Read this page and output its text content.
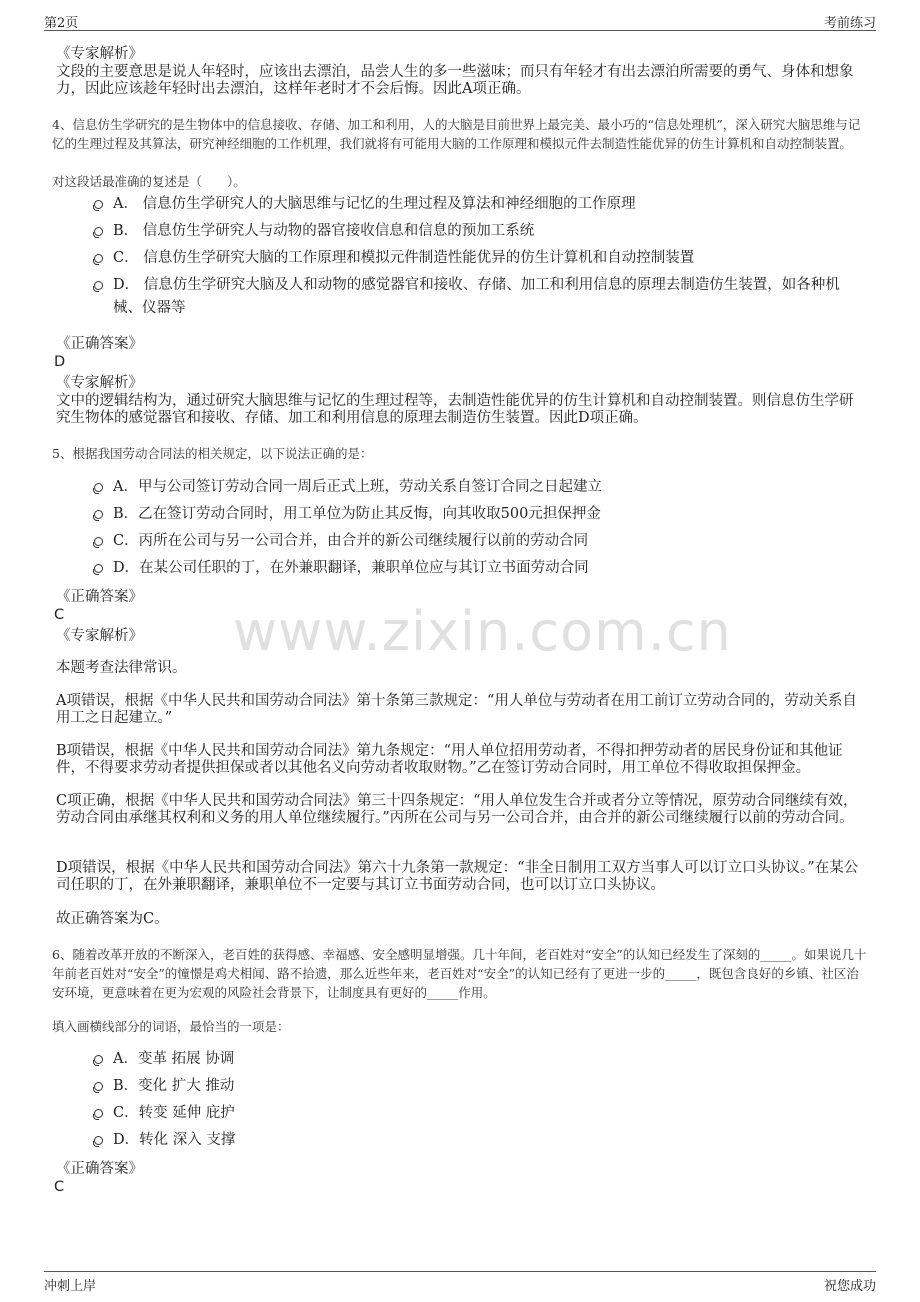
第2页	考前练习
www.zixin.com.cn
《专家解析》
文段的主要意思是说人年轻时，应该出去漂泊，品尝人生的多一些滋味；而只有年轻才有出去漂泊所需要的勇气、身体和想象力，因此应该趁年轻时出去漂泊，这样年老时才不会后悔。因此A项正确。
4、信息仿生学研究的是生物体中的信息接收、存储、加工和利用，人的大脑是目前世界上最完美、最小巧的“信息处理机”，深入研究大脑思维与记忆的生理过程及其算法，研究神经细胞的工作机理，我们就将有可能用大脑的工作原理和模拟元件去制造性能优异的仿生计算机和自动控制装置。
对这段话最准确的复述是（　　）。
A． 信息仿生学研究人的大脑思维与记忆的生理过程及算法和神经细胞的工作原理
B． 信息仿生学研究人与动物的器官接收信息和信息的预加工系统
C． 信息仿生学研究大脑的工作原理和模拟元件制造性能优异的仿生计算机和自动控制装置
D． 信息仿生学研究大脑及人和动物的感觉器官和接收、存储、加工和利用信息的原理去制造仿生装置，如各种机械、仪器等
《正确答案》
D
《专家解析》
文中的逻辑结构为，通过研究大脑思维与记忆的生理过程等，去制造性能优异的仿生计算机和自动控制装置。则信息仿生学研究生物体的感觉器官和接收、存储、加工和利用信息的原理去制造仿生装置。因此D项正确。
5、根据我国劳动合同法的相关规定，以下说法正确的是：
A．甲与公司签订劳动合同一周后正式上班，劳动关系自签订合同之日起建立
B．乙在签订劳动合同时，用工单位为防止其反悔，向其收取500元担保押金
C．丙所在公司与另一公司合并，由合并的新公司继续履行以前的劳动合同
D．在某公司任职的丁，在外兼职翻译，兼职单位应与其订立书面劳动合同
《正确答案》
C
《专家解析》
本题考查法律常识。
A项错误，根据《中华人民共和国劳动合同法》第十条第三款规定：“用人单位与劳动者在用工前订立劳动合同的，劳动关系自用工之日起建立。”
B项错误，根据《中华人民共和国劳动合同法》第九条规定：“用人单位招用劳动者，不得扣押劳动者的居民身份证和其他证件，不得要求劳动者提供担保或者以其他名义向劳动者收取财物。”乙在签订劳动合同时，用工单位不得收取担保押金。
C项正确，根据《中华人民共和国劳动合同法》第三十四条规定：“用人单位发生合并或者分立等情况，原劳动合同继续有效，劳动合同由承继其权利和义务的用人单位继续履行。”丙所在公司与另一公司合并，由合并的新公司继续履行以前的劳动合同。
D项错误，根据《中华人民共和国劳动合同法》第六十九条第一款规定：“非全日制用工双方当事人可以订立口头协议。”在某公司任职的丁，在外兼职翻译，兼职单位不一定要与其订立书面劳动合同，也可以订立口头协议。
故正确答案为C。
6、随着改革开放的不断深入，老百姓的获得感、幸福感、安全感明显增强。几十年间，老百姓对“安全”的认知已经发生了深刻的_____。如果说几十年前老百姓对“安全”的憧憬是鸡犬相闻、路不拾遗，那么近些年来，老百姓对“安全”的认知已经有了更进一步的_____，既包含良好的乡镇、社区治安环境，更意味着在更为宏观的风险社会背景下，让制度具有更好的_____作用。
填入画横线部分的词语，最恰当的一项是：
A．变革 拓展 协调
B．变化 扩大 推动
C．转变 延伸 庇护
D．转化 深入 支撑
《正确答案》
C
冲刺上岸	祝您成功
